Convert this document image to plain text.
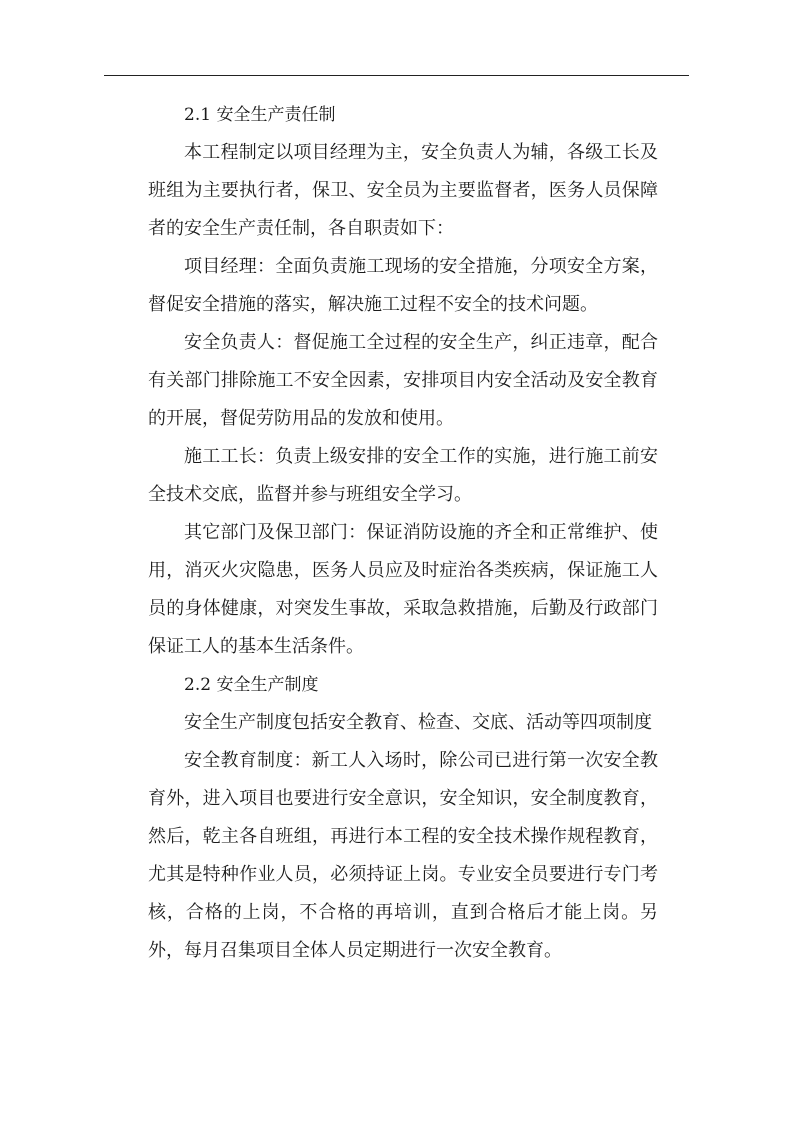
2.1 安全生产责任制

本工程制定以项目经理为主，安全负责人为辅，各级工长及班组为主要执行者，保卫、安全员为主要监督者，医务人员保障者的安全生产责任制，各自职责如下：

项目经理：全面负责施工现场的安全措施，分项安全方案，督促安全措施的落实，解决施工过程不安全的技术问题。

安全负责人：督促施工全过程的安全生产，纠正违章，配合有关部门排除施工不安全因素，安排项目内安全活动及安全教育的开展，督促劳防用品的发放和使用。

施工工长：负责上级安排的安全工作的实施，进行施工前安全技术交底，监督并参与班组安全学习。

其它部门及保卫部门：保证消防设施的齐全和正常维护、使用，消灭火灾隐患，医务人员应及时症治各类疾病，保证施工人员的身体健康，对突发生事故，采取急救措施，后勤及行政部门保证工人的基本生活条件。

2.2 安全生产制度

安全生产制度包括安全教育、检查、交底、活动等四项制度

安全教育制度：新工人入场时，除公司已进行第一次安全教育外，进入项目也要进行安全意识，安全知识，安全制度教育，然后，乾主各自班组，再进行本工程的安全技术操作规程教育，尤其是特种作业人员，必须持证上岗。专业安全员要进行专门考核，合格的上岗，不合格的再培训，直到合格后才能上岗。另外，每月召集项目全体人员定期进行一次安全教育。
